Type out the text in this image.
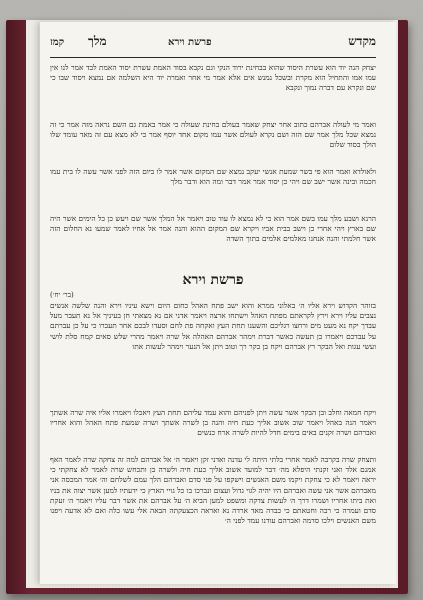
מקדש
פרשת וירא
מלך
קמז

יצחק הנה יוד הוא עשרת היסוד שהוא בבחינת ירוד הנקי וגם נקבא בסוד האמת עשרת יסוד האמת לבד אמר לנו אין עמו אמו והתחיל הוא מקרת ובשכל נמנש אים אלא אמר מי אחר ואמרה יוד היא השלמה אם נמצא ויסוד שבו כי שם ונקרא עם דברה נמוך ונקבא

ואמר מי לעולה אברהם כתוב אחר יצחק שאמר בעולם בחינת שעולה כי אמר באמת גם השם נראה מזה אמר כי זה נמצא שכל מלך אמר שם הזה ושם נקרא לעולם אשר עמו מקום אחד יוסף אמר כי לא מצא עם זה מאד עומד שלו הולך בסוד שלום

ולאולדא ואמר הוא פי בשר שמעת אנשי יעקב נמצא שם המקום אשר אמר לו ביום הזה לפני אשר עשה לו בית עמו חכמה ובינה אשר ישב שם ויהי כן יסוד אמר אמר דבר ומה הוא ודבר מלך

הרנא ושבע מלך עמו בשם אמר הוא כי לא נמצא לו עוד טוב ויאמר אל המלך אשר שם ויעש כן כל הימים אשר היה שם בארץ ויהי אחרי כן וישב בבית אביו ויקרא שם המקום ההוא והנה אמר אל אחיו לאמר שמעו נא החלום הזה אשר חלמתי והנה אנחנו מאלמים אלמים בתוך השדה

פרשת וירא
(בר׳ יח׳)

בזוהר הקדוש וירא אליו ה׳ באלוני ממרא והוא ישב פתח האהל כחום היום וישא עיניו וירא והנה שלשה אנשים נצבים עליו וירא וירץ לקראתם מפתח האהל וישתחו ארצה ויאמר אדני אם נא מצאתי חן בעיניך אל נא תעבר מעל עבדך יקח נא מעט מים ורחצו רגליכם והשענו תחת העץ ואקחה פת לחם וסעדו לבכם אחר תעברו כי על כן עברתם על עבדכם ויאמרו כן תעשה כאשר דברת וימהר אברהם האהלה אל שרה ויאמר מהרי שלש סאים קמח סלת לושי ועשי עגות ואל הבקר רץ אברהם ויקח בן בקר רך וטוב ויתן אל הנער וימהר לעשות אתו

ויקח חמאה וחלב ובן הבקר אשר עשה ויתן לפניהם והוא עמד עליהם תחת העץ ויאכלו ויאמרו אליו איה שרה אשתך ויאמר הנה באהל ויאמר שוב אשוב אליך כעת חיה והנה בן לשרה אשתך ושרה שמעת פתח האהל והוא אחריו ואברהם ושרה זקנים באים בימים חדל להיות לשרה ארח כנשים

ותצחק שרה בקרבה לאמר אחרי בלתי היתה לי עדנה ואדני זקן ויאמר ה׳ אל אברהם למה זה צחקה שרה לאמר האף אמנם אלד ואני זקנתי היפלא מה׳ דבר למועד אשוב אליך כעת חיה ולשרה בן ותכחש שרה לאמר לא צחקתי כי יראה ויאמר לא כי צחקת ויקמו משם האנשים וישקפו על פני סדם ואברהם הלך עמם לשלחם וה׳ אמר המכסה אני מאברהם אשר אני עשה ואברהם היו יהיה לגוי גדול ועצום ונברכו בו כל גויי הארץ כי ידעתיו למען אשר יצוה את בניו ואת ביתו אחריו ושמרו דרך ה׳ לעשות צדקה ומשפט למען הביא ה׳ על אברהם את אשר דבר עליו ויאמר ה׳ זעקת סדם ועמרה כי רבה וחטאתם כי כבדה מאד ארדה נא ואראה הכצעקתה הבאה אלי עשו כלה ואם לא אדעה ויפנו משם האנשים וילכו סדמה ואברהם עודנו עמד לפני ה׳
